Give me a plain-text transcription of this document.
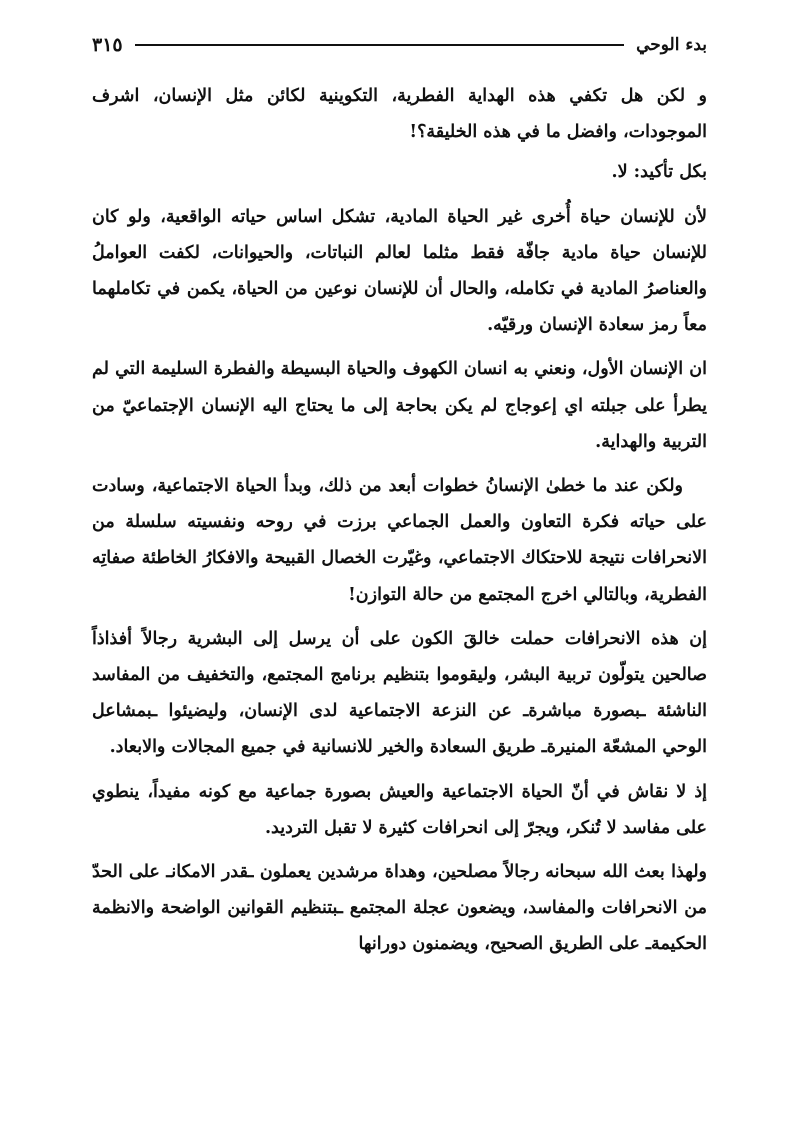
بدء الوحي
٣١٥

و لكن هل تكفي هذه الهداية الفطرية، التكوينية لكائن مثل الإنسان، اشرف الموجودات، وافضل ما في هذه الخليقة؟!

بكل تأكيد: لا.

لأن للإنسان حياة أُخرى غير الحياة المادية، تشكل اساس حياته الواقعية، ولو كان للإنسان حياة مادية جافّة فقط مثلما لعالم النباتات، والحيوانات، لكفت العواملُ والعناصرُ المادية في تكامله، والحال أن للإنسان نوعين من الحياة، يكمن في تكاملهما معاً رمز سعادة الإنسان ورقيّه.

ان الإنسان الأول، ونعني به انسان الكهوف والحياة البسيطة والفطرة السليمة التي لم يطرأ على جبلته اي إعوجاج لم يكن بحاجة إلى ما يحتاج اليه الإنسان الإجتماعيّ من التربية والهداية.

ولكن عند ما خطىٰ الإنسانُ خطوات أبعد من ذلك، وبدأ الحياة الاجتماعية، وسادت على حياته فكرة التعاون والعمل الجماعي برزت في روحه ونفسيته سلسلة من الانحرافات نتيجة للاحتكاك الاجتماعي، وغيّرت الخصال القبيحة والافكارُ الخاطئة صفاتِه الفطرية، وبالتالي اخرج المجتمع من حالة التوازن!

إن هذه الانحرافات حملت خالقَ الكون على أن يرسل إلى البشرية رجالاً أفذاذاً صالحين يتولّون تربية البشر، وليقوموا بتنظيم برنامج المجتمع، والتخفيف من المفاسد الناشئة ـبصورة مباشرةـ عن النزعة الاجتماعية لدى الإنسان، وليضيئوا ـبمشاعل الوحي المشعّة المنيرةـ طريق السعادة والخير للانسانية في جميع المجالات والابعاد.

إذ لا نقاش في أنّ الحياة الاجتماعية والعيش بصورة جماعية مع كونه مفيداً، ينطوي على مفاسد لا تُنكر، ويجرّ إلى انحرافات كثيرة لا تقبل الترديد.

ولهذا بعث الله سبحانه رجالاً مصلحين، وهداة مرشدين يعملون ـقدر الامكانـ على الحدّ من الانحرافات والمفاسد، ويضعون عجلة المجتمع ـبتنظيم القوانين الواضحة والانظمة الحكيمةـ على الطريق الصحيح، ويضمنون دورانها
